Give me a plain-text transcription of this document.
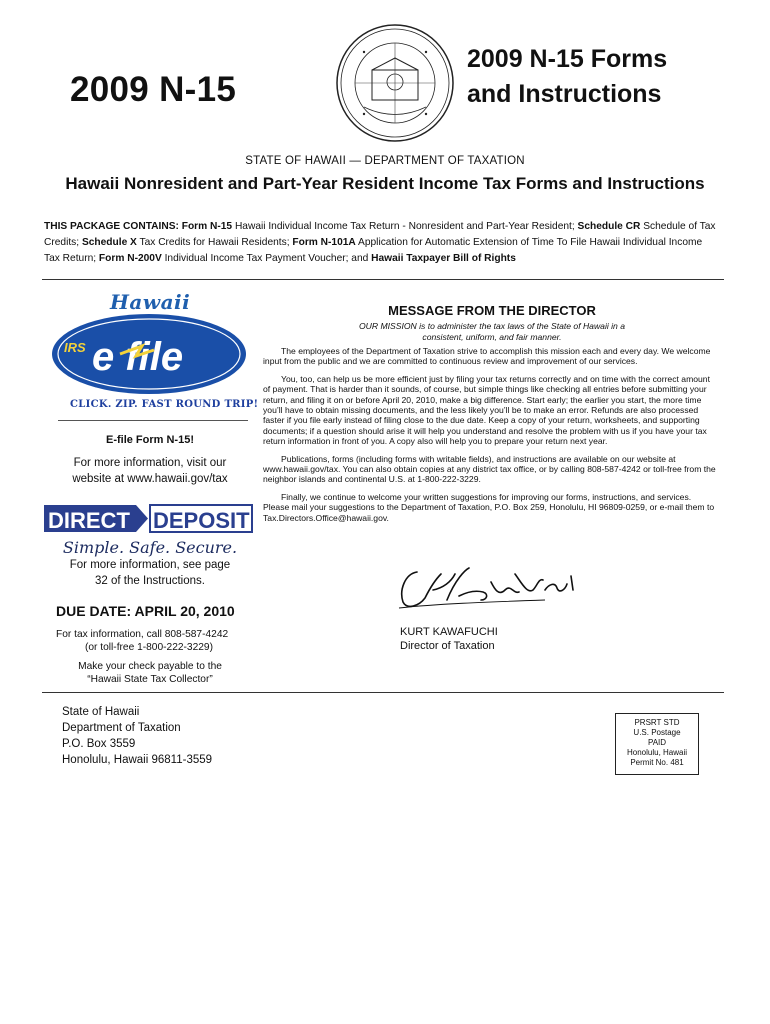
2009 N-15
2009 N-15 Forms
and Instructions
STATE OF HAWAII — DEPARTMENT OF TAXATION
Hawaii Nonresident and Part-Year Resident Income Tax Forms and Instructions
THIS PACKAGE CONTAINS: Form N-15 Hawaii Individual Income Tax Return - Nonresident and Part-Year Resident; Schedule CR Schedule of Tax Credits; Schedule X Tax Credits for Hawaii Residents; Form N-101A Application for Automatic Extension of Time To File Hawaii Individual Income Tax Return; Form N-200V Individual Income Tax Payment Voucher; and Hawaii Taxpayer Bill of Rights
Hawaii
IRS e file
CLICK. ZIP. FAST ROUND TRIP!
E-file Form N-15!
For more information, visit our
website at www.hawaii.gov/tax
DIRECT DEPOSIT
Simple. Safe. Secure.
For more information, see page
32 of the Instructions.
DUE DATE: APRIL 20, 2010
For tax information, call 808-587-4242
(or toll-free 1-800-222-3229)
Make your check payable to the
“Hawaii State Tax Collector”
MESSAGE FROM THE DIRECTOR
OUR MISSION is to administer the tax laws of the State of Hawaii in a
consistent, uniform, and fair manner.

The employees of the Department of Taxation strive to accomplish this mission each and every day. We welcome input from the public and we are committed to continuous review and improvement of our services.

You, too, can help us be more efficient just by filing your tax returns correctly and on time with the correct amount of payment. That is harder than it sounds, of course, but simple things like checking all entries before submitting your return, and filing it on or before April 20, 2010, make a big difference. Start early; the earlier you start, the more time you’ll have to obtain missing documents, and the less likely you’ll be to make an error. Refunds are also processed faster if you file early instead of filing close to the due date. Keep a copy of your return, worksheets, and supporting documents; if a question should arise it will help you understand and resolve the problem with us if you have your tax return information in front of you. A copy also will help you to prepare your return next year.

Publications, forms (including forms with writable fields), and instructions are available on our website at www.hawaii.gov/tax. You can also obtain copies at any district tax office, or by calling 808-587-4242 or toll-free from the neighbor islands and continental U.S. at 1-800-222-3229.

Finally, we continue to welcome your written suggestions for improving our forms, instructions, and services. Please mail your suggestions to the Department of Taxation, P.O. Box 259, Honolulu, HI 96809-0259, or e-mail them to Tax.Directors.Office@hawaii.gov.

KURT KAWAFUCHI
Director of Taxation
State of Hawaii
Department of Taxation
P.O. Box 3559
Honolulu, Hawaii 96811-3559
PRSRT STD
U.S. Postage
PAID
Honolulu, Hawaii
Permit No. 481
